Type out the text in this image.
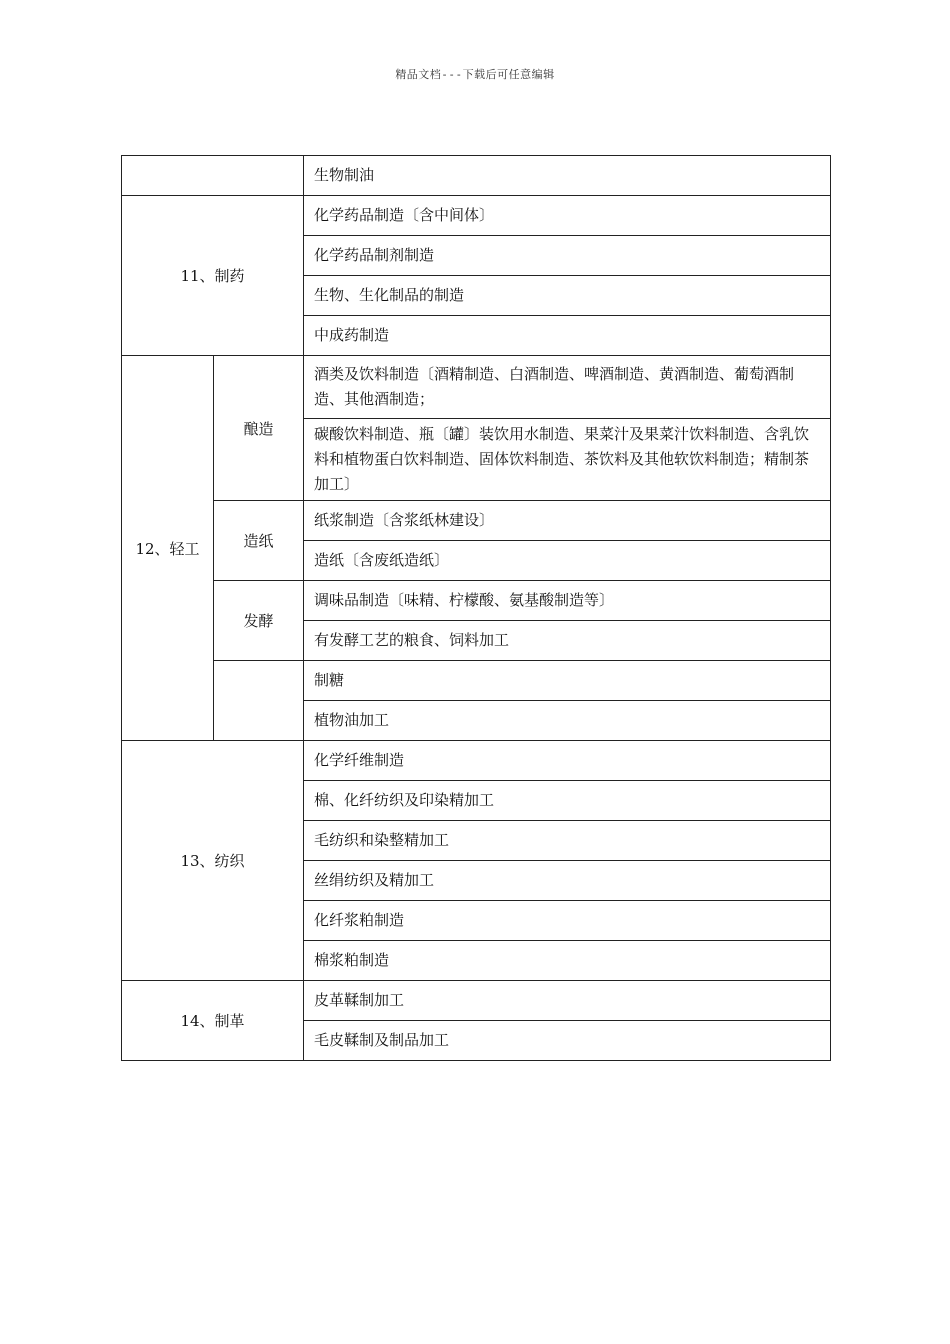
精品文档---下载后可任意编辑
		生物制油
11、制药		化学药品制造〔含中间体〕
		化学药品制剂制造
		生物、生化制品的制造
		中成药制造
12、轻工	酿造	酒类及饮料制造〔酒精制造、白酒制造、啤酒制造、黄酒制造、葡萄酒制造、其他酒制造；
		碳酸饮料制造、瓶〔罐〕装饮用水制造、果菜汁及果菜汁饮料制造、含乳饮料和植物蛋白饮料制造、固体饮料制造、茶饮料及其他软饮料制造；精制茶加工〕
	造纸	纸浆制造〔含浆纸林建设〕
		造纸〔含废纸造纸〕
	发酵	调味品制造〔味精、柠檬酸、氨基酸制造等〕
		有发酵工艺的粮食、饲料加工
		制糖
		植物油加工
13、纺织		化学纤维制造
		棉、化纤纺织及印染精加工
		毛纺织和染整精加工
		丝绢纺织及精加工
		化纤浆粕制造
		棉浆粕制造
14、制革		皮革鞣制加工
		毛皮鞣制及制品加工
